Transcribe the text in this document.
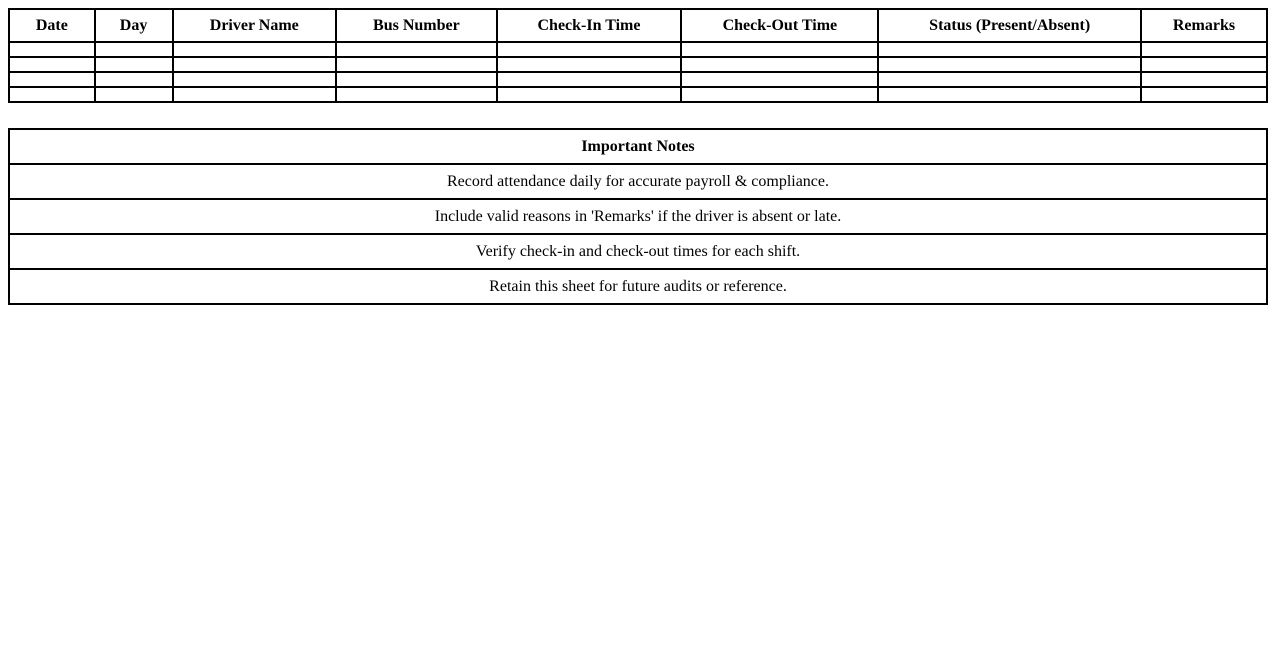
Date	Day	Driver Name	Bus Number	Check-In Time	Check-Out Time	Status (Present/Absent)	Remarks

Important Notes
Record attendance daily for accurate payroll & compliance.
Include valid reasons in 'Remarks' if the driver is absent or late.
Verify check-in and check-out times for each shift.
Retain this sheet for future audits or reference.
